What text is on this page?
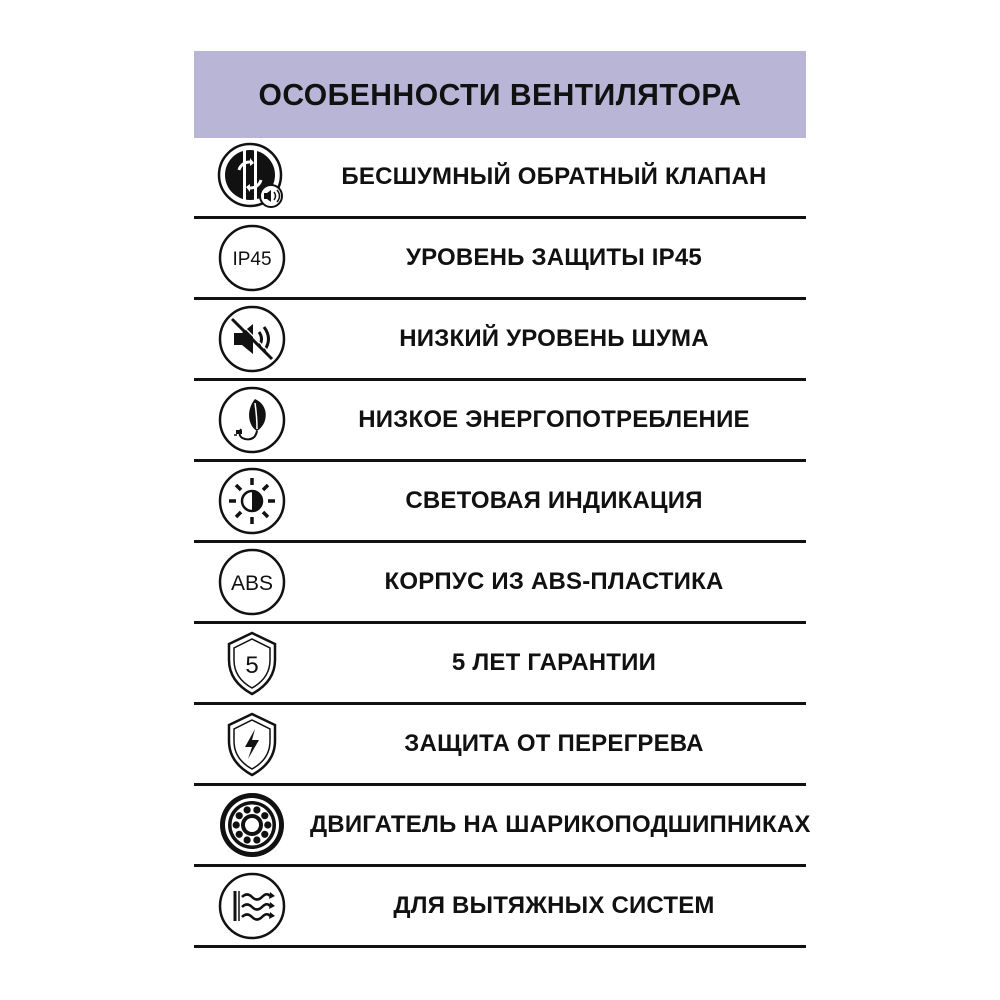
ОСОБЕННОСТИ ВЕНТИЛЯТОРА
БЕСШУМНЫЙ ОБРАТНЫЙ КЛАПАН
IP45	УРОВЕНЬ ЗАЩИТЫ IP45
НИЗКИЙ УРОВЕНЬ ШУМА
НИЗКОЕ ЭНЕРГОПОТРЕБЛЕНИЕ
СВЕТОВАЯ ИНДИКАЦИЯ
ABS	КОРПУС ИЗ ABS-ПЛАСТИКА
5	5 ЛЕТ ГАРАНТИИ
ЗАЩИТА ОТ ПЕРЕГРЕВА
ДВИГАТЕЛЬ НА ШАРИКОПОДШИПНИКАХ
ДЛЯ ВЫТЯЖНЫХ СИСТЕМ
